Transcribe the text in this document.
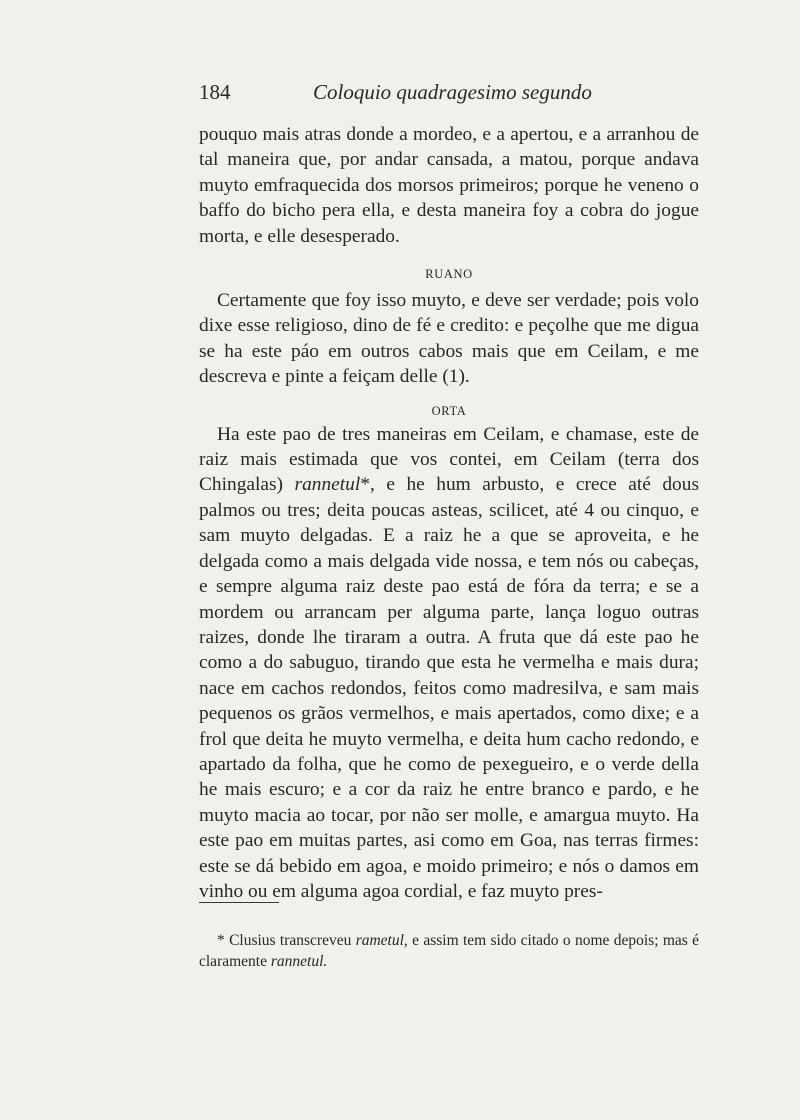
184	Coloquio quadragesimo segundo

pouquo mais atras donde a mordeo, e a apertou, e a arranhou de tal maneira que, por andar cansada, a matou, porque andava muyto emfraquecida dos morsos primeiros; porque he veneno o baffo do bicho pera ella, e desta maneira foy a cobra do jogue morta, e elle desesperado.

RUANO

Certamente que foy isso muyto, e deve ser verdade; pois volo dixe esse religioso, dino de fé e credito: e peçolhe que me digua se ha este páo em outros cabos mais que em Ceilam, e me descreva e pinte a feiçam delle (1).

ORTA

Ha este pao de tres maneiras em Ceilam, e chamase, este de raiz mais estimada que vos contei, em Ceilam (terra dos Chingalas) rannetul*, e he hum arbusto, e crece até dous palmos ou tres; deita poucas asteas, scilicet, até 4 ou cinquo, e sam muyto delgadas. E a raiz he a que se aproveita, e he delgada como a mais delgada vide nossa, e tem nós ou cabeças, e sempre alguma raiz deste pao está de fóra da terra; e se a mordem ou arrancam per alguma parte, lança loguo outras raizes, donde lhe tiraram a outra. A fruta que dá este pao he como a do sabuguo, tirando que esta he vermelha e mais dura; nace em cachos redondos, feitos como madresilva, e sam mais pequenos os grãos vermelhos, e mais apertados, como dixe; e a frol que deita he muyto vermelha, e deita hum cacho redondo, e apartado da folha, que he como de pexegueiro, e o verde della he mais escuro; e a cor da raiz he entre branco e pardo, e he muyto macia ao tocar, por não ser molle, e amargua muyto. Ha este pao em muitas partes, asi como em Goa, nas terras firmes: este se dá bebido em agoa, e moido primeiro; e nós o damos em vinho ou em alguma agoa cordial, e faz muyto pres-

* Clusius transcreveu rametul, e assim tem sido citado o nome depois; mas é claramente rannetul.
